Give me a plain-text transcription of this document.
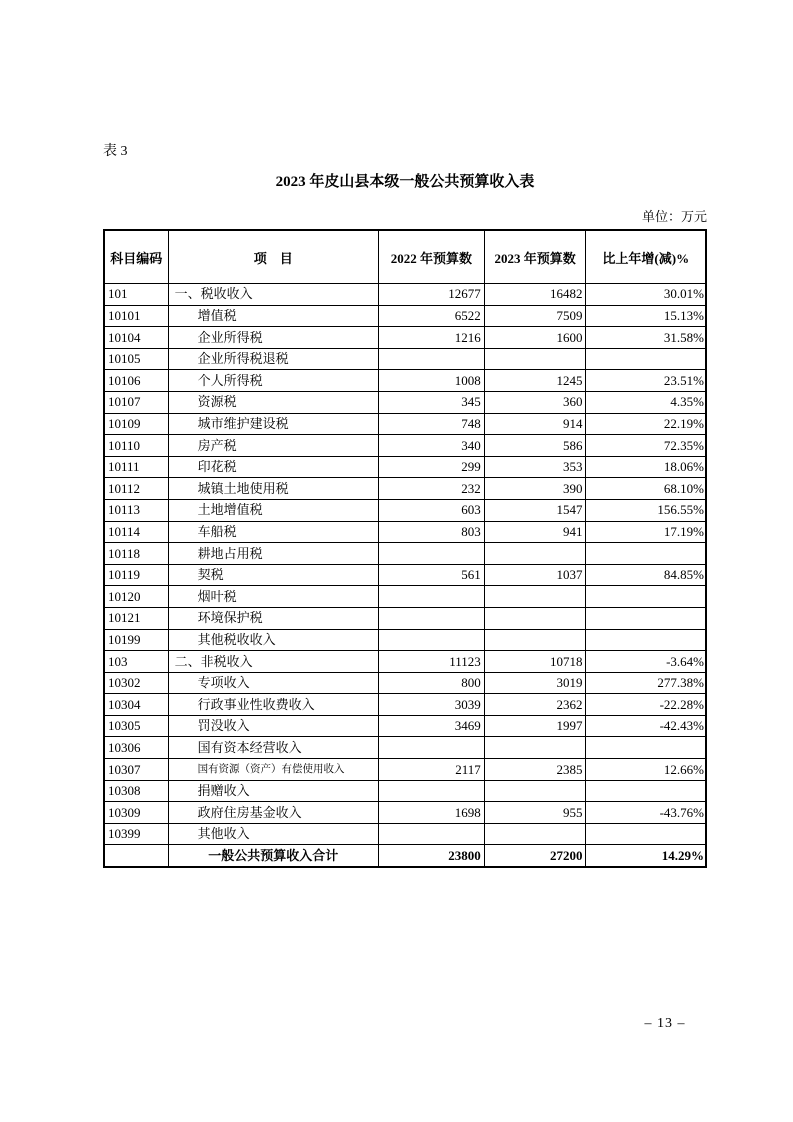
表 3
2023 年皮山县本级一般公共预算收入表
单位：万元
科目编码	项　目	2022 年预算数	2023 年预算数	比上年增(减)%
101	一、税收收入	12677	16482	30.01%
10101	增值税	6522	7509	15.13%
10104	企业所得税	1216	1600	31.58%
10105	企业所得税退税			
10106	个人所得税	1008	1245	23.51%
10107	资源税	345	360	4.35%
10109	城市维护建设税	748	914	22.19%
10110	房产税	340	586	72.35%
10111	印花税	299	353	18.06%
10112	城镇土地使用税	232	390	68.10%
10113	土地增值税	603	1547	156.55%
10114	车船税	803	941	17.19%
10118	耕地占用税			
10119	契税	561	1037	84.85%
10120	烟叶税			
10121	环境保护税			
10199	其他税收收入			
103	二、非税收入	11123	10718	-3.64%
10302	专项收入	800	3019	277.38%
10304	行政事业性收费收入	3039	2362	-22.28%
10305	罚没收入	3469	1997	-42.43%
10306	国有资本经营收入			
10307	国有资源（资产）有偿使用收入	2117	2385	12.66%
10308	捐赠收入			
10309	政府住房基金收入	1698	955	-43.76%
10399	其他收入			
	一般公共预算收入合计	23800	27200	14.29%
– 13 –
